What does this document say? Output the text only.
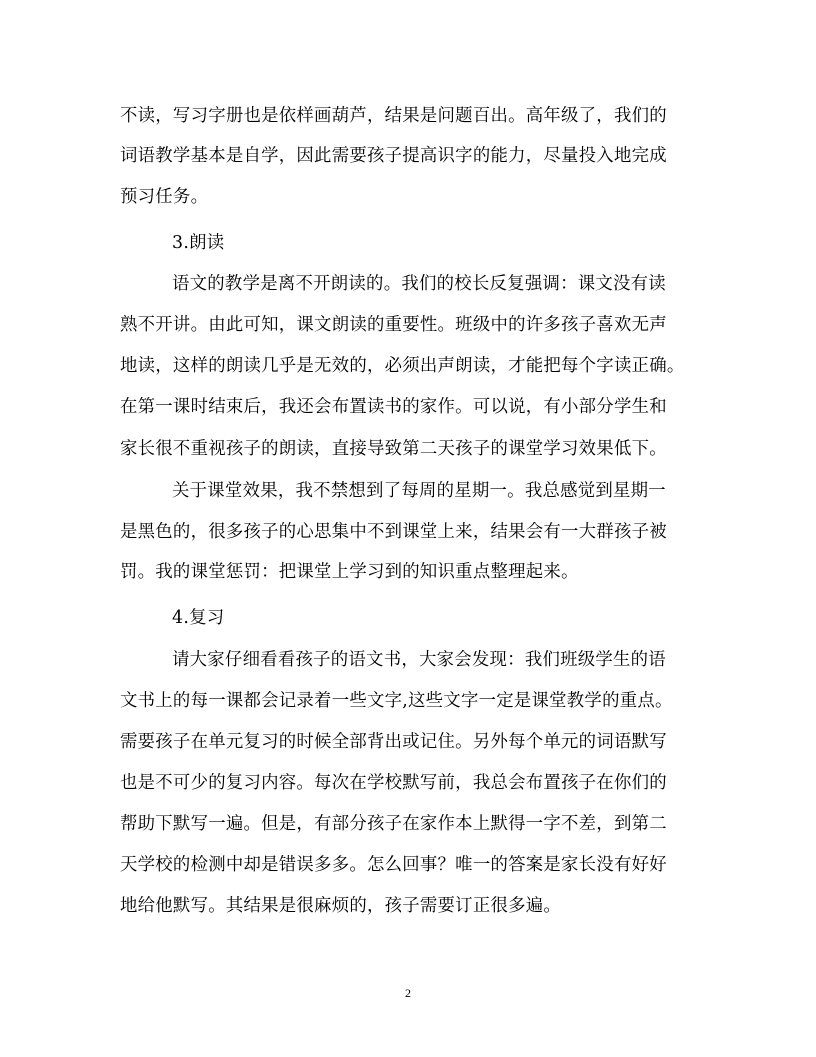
不读，写习字册也是依样画葫芦，结果是问题百出。高年级了，我们的
词语教学基本是自学，因此需要孩子提高识字的能力，尽量投入地完成
预习任务。
3.朗读
语文的教学是离不开朗读的。我们的校长反复强调：课文没有读
熟不开讲。由此可知，课文朗读的重要性。班级中的许多孩子喜欢无声
地读，这样的朗读几乎是无效的，必须出声朗读，才能把每个字读正确。
在第一课时结束后，我还会布置读书的家作。可以说，有小部分学生和
家长很不重视孩子的朗读，直接导致第二天孩子的课堂学习效果低下。
关于课堂效果，我不禁想到了每周的星期一。我总感觉到星期一
是黑色的，很多孩子的心思集中不到课堂上来，结果会有一大群孩子被
罚。我的课堂惩罚：把课堂上学习到的知识重点整理起来。
4.复习
请大家仔细看看孩子的语文书，大家会发现：我们班级学生的语
文书上的每一课都会记录着一些文字,这些文字一定是课堂教学的重点。
需要孩子在单元复习的时候全部背出或记住。另外每个单元的词语默写
也是不可少的复习内容。每次在学校默写前，我总会布置孩子在你们的
帮助下默写一遍。但是，有部分孩子在家作本上默得一字不差，到第二
天学校的检测中却是错误多多。怎么回事？唯一的答案是家长没有好好
地给他默写。其结果是很麻烦的，孩子需要订正很多遍。
2
